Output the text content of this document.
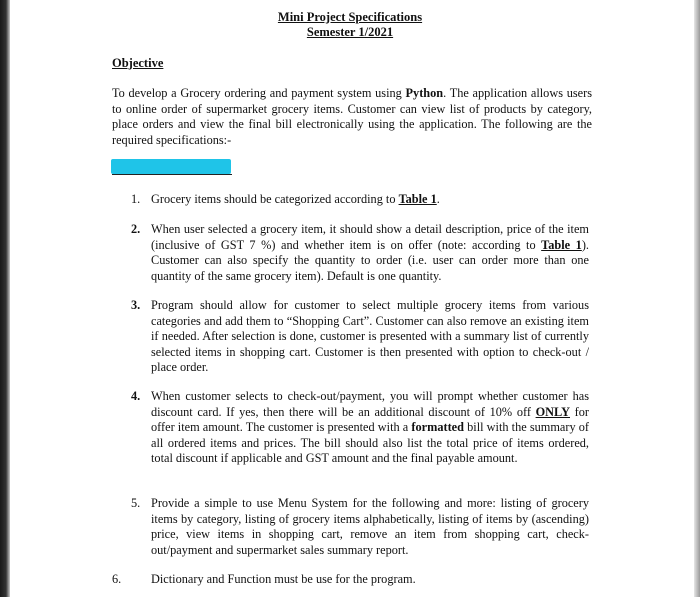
Mini Project Specifications
Semester 1/2021
Objective
To develop a Grocery ordering and payment system using Python. The application allows users to online order of supermarket grocery items. Customer can view list of products by category, place orders and view the final bill electronically using the application. The following are the required specifications:-
1. Grocery items should be categorized according to Table 1.
2. When user selected a grocery item, it should show a detail description, price of the item (inclusive of GST 7 %) and whether item is on offer (note: according to Table 1). Customer can also specify the quantity to order (i.e. user can order more than one quantity of the same grocery item). Default is one quantity.
3. Program should allow for customer to select multiple grocery items from various categories and add them to “Shopping Cart”. Customer can also remove an existing item if needed. After selection is done, customer is presented with a summary list of currently selected items in shopping cart. Customer is then presented with option to check-out / place order.
4. When customer selects to check-out/payment, you will prompt whether customer has discount card. If yes, then there will be an additional discount of 10% off ONLY for offer item amount. The customer is presented with a formatted bill with the summary of all ordered items and prices. The bill should also list the total price of items ordered, total discount if applicable and GST amount and the final payable amount.
5. Provide a simple to use Menu System for the following and more: listing of grocery items by category, listing of grocery items alphabetically, listing of items by (ascending) price, view items in shopping cart, remove an item from shopping cart, check-out/payment and supermarket sales summary report.
6. Dictionary and Function must be use for the program.
